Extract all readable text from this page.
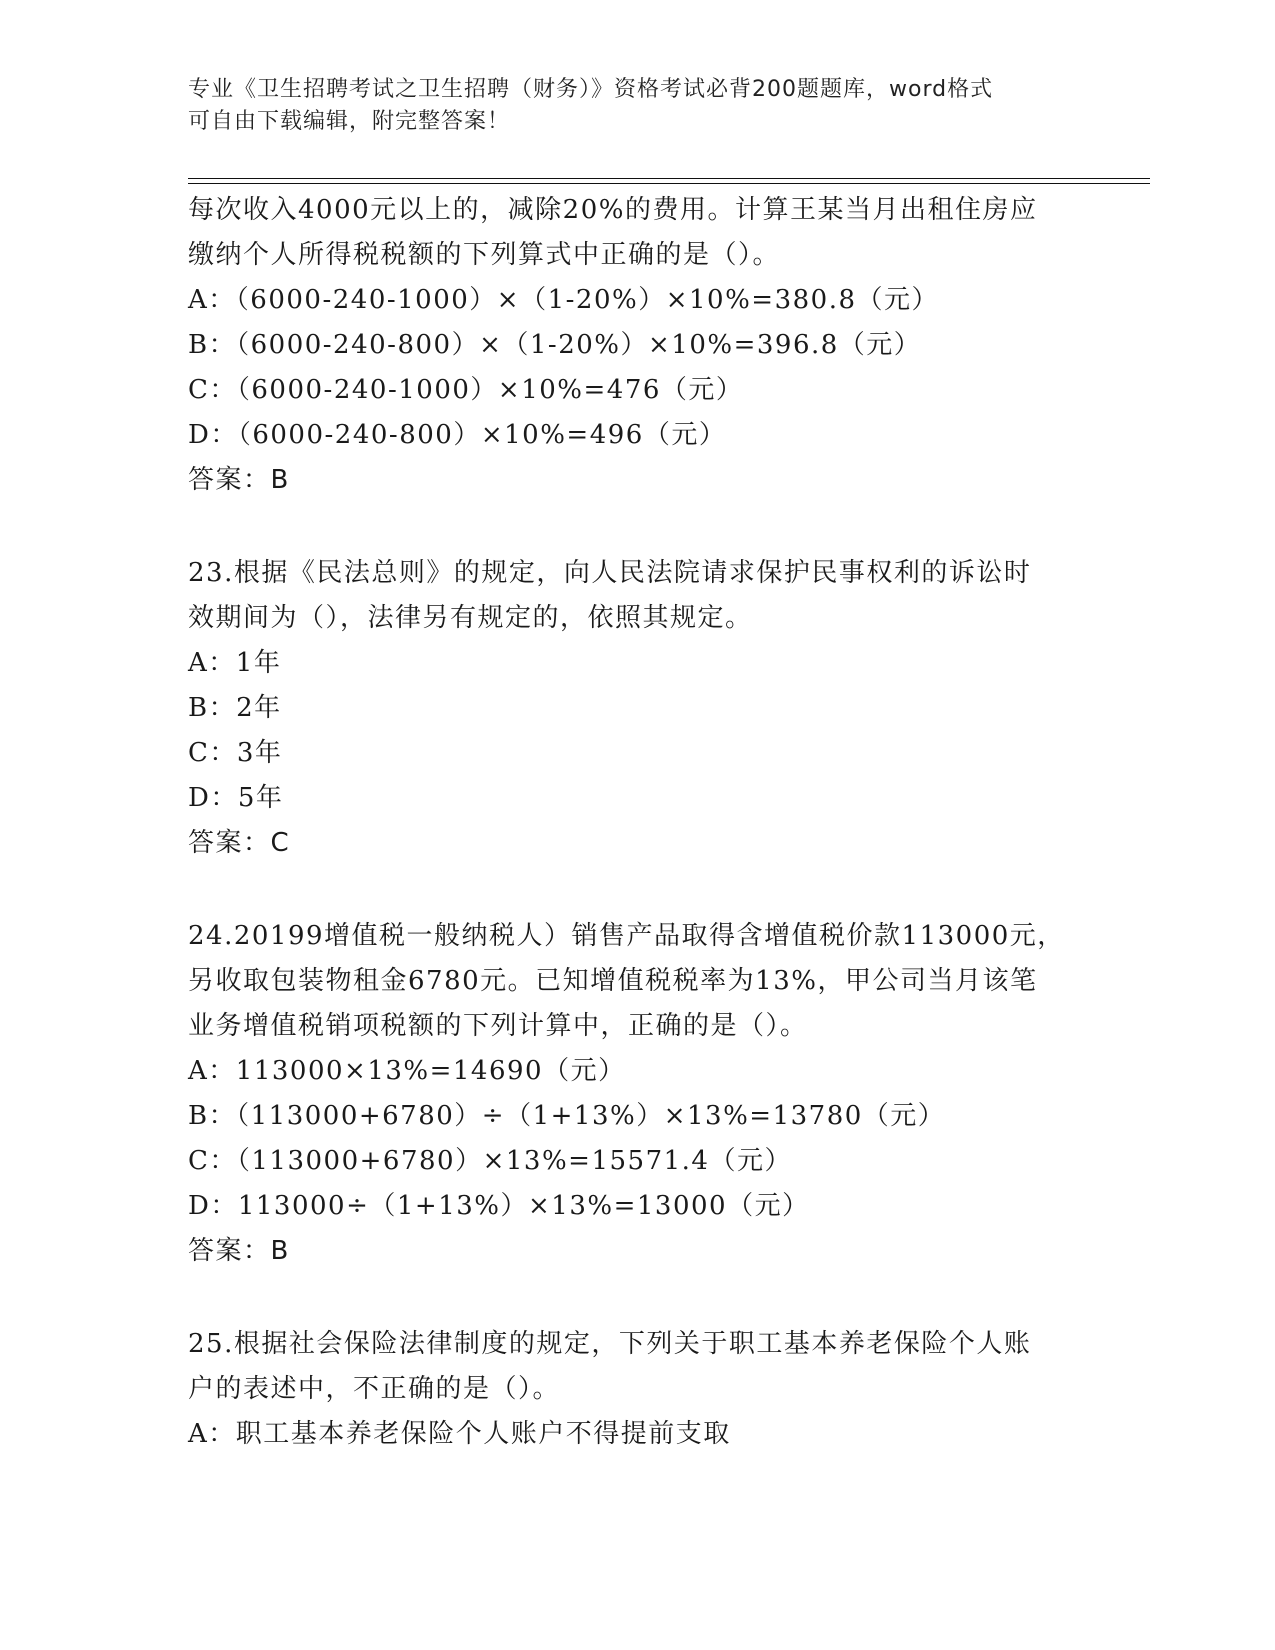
专业《卫生招聘考试之卫生招聘（财务）》资格考试必背200题题库，word格式
可自由下载编辑，附完整答案！
每次收入4000元以上的，减除20%的费用。计算王某当月出租住房应
缴纳个人所得税税额的下列算式中正确的是（）。
A：（6000-240-1000）×（1-20%）×10%=380.8（元）
B：（6000-240-800）×（1-20%）×10%=396.8（元）
C：（6000-240-1000）×10%=476（元）
D：（6000-240-800）×10%=496（元）
答案：B
23.根据《民法总则》的规定，向人民法院请求保护民事权利的诉讼时
效期间为（），法律另有规定的，依照其规定。
A：1年
B：2年
C：3年
D：5年
答案：C
24.20199增值税一般纳税人）销售产品取得含增值税价款113000元，
另收取包装物租金6780元。已知增值税税率为13%，甲公司当月该笔
业务增值税销项税额的下列计算中，正确的是（）。
A：113000×13%=14690（元）
B：（113000+6780）÷（1+13%）×13%=13780（元）
C：（113000+6780）×13%=15571.4（元）
D：113000÷（1+13%）×13%=13000（元）
答案：B
25.根据社会保险法律制度的规定，下列关于职工基本养老保险个人账
户的表述中，不正确的是（）。
A：职工基本养老保险个人账户不得提前支取
